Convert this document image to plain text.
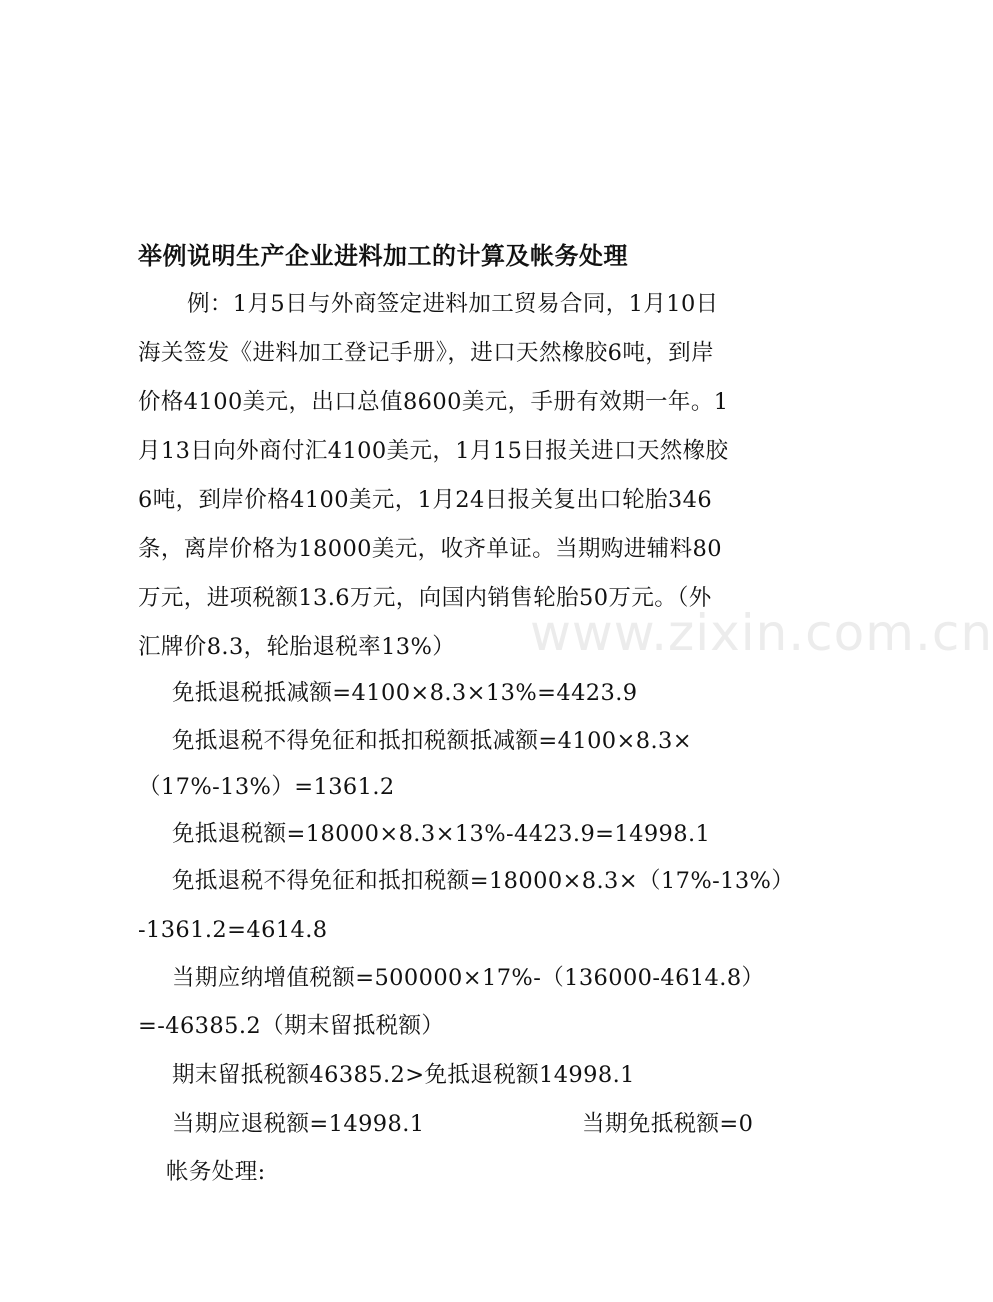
www.zixin.com.cn
举例说明生产企业进料加工的计算及帐务处理
例：1月5日与外商签定进料加工贸易合同，1月10日
海关签发《进料加工登记手册》，进口天然橡胶6吨，到岸
价格4100美元，出口总值8600美元，手册有效期一年。1
月13日向外商付汇4100美元，1月15日报关进口天然橡胶
6吨，到岸价格4100美元，1月24日报关复出口轮胎346
条，离岸价格为18000美元，收齐单证。当期购进辅料80
万元，进项税额13.6万元，向国内销售轮胎50万元。（外
汇牌价8.3，轮胎退税率13%）
免抵退税抵减额=4100×8.3×13%=4423.9
免抵退税不得免征和抵扣税额抵减额=4100×8.3×
（17%-13%）=1361.2
免抵退税额=18000×8.3×13%-4423.9=14998.1
免抵退税不得免征和抵扣税额=18000×8.3×（17%-13%）
-1361.2=4614.8
当期应纳增值税额=500000×17%-（136000-4614.8）
=-46385.2（期末留抵税额）
期末留抵税额46385.2>免抵退税额14998.1
当期应退税额=14998.1	当期免抵税额=0
帐务处理:
